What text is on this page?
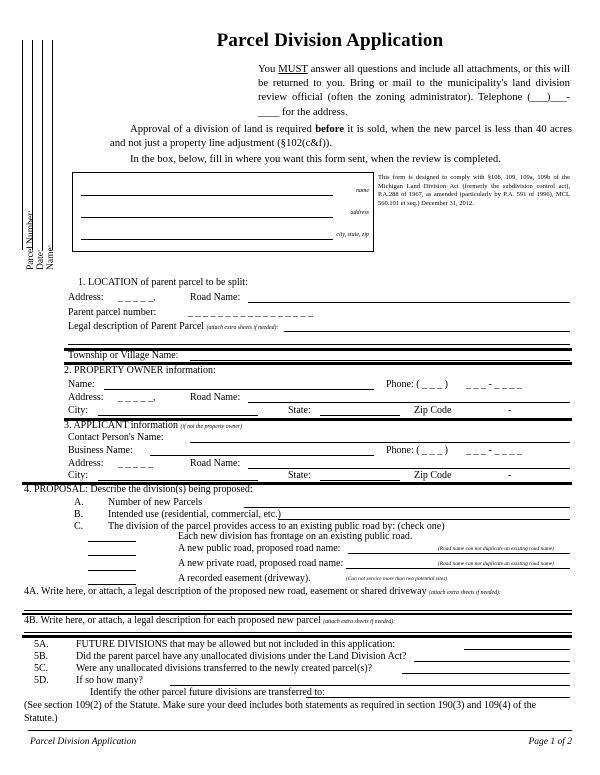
Parcel Number: Date: Name:
Parcel Division Application
You MUST answer all questions and include all attachments, or this will be returned to you. Bring or mail to the municipality's land division review official (often the zoning administrator). Telephone (___)___-____ for the address.
Approval of a division of land is required before it is sold, when the new parcel is less than 40 acres and not just a property line adjustment (§102(c&f)).
In the box, below, fill in where you want this form sent, when the review is completed.
name
address
city, state, zip
This form is designed to comply with §108, 109, 109a, 109b of the Michigan Land Division Act (formerly the subdivision control act), P.A.288 of 1967, as amended (particularly by P.A. 591 of 1996), MCL 560.101 et seq.) December 31, 2012.
1. LOCATION of parent parcel to be split:
Address: _ _ _ _ _,	Road Name:
Parent parcel number:	_ _ _ _ _ _ _ _ _ _ _ _ _ _ _ _ _
Legal description of Parent Parcel (attach extra sheets if needed):
Township or Village Name:
2. PROPERTY OWNER information:
Name:	Phone: ( _ _ _ ) _ _ _ - _ _ _ _
Address: _ _ _ _ _,	Road Name:
City:	State:	Zip Code	-
3. APPLICANT information (if not the property owner)
Contact Person's Name:
Business Name:	Phone: ( _ _ _ ) _ _ _ - _ _ _ _
Address: _ _ _ _ _	Road Name:
City:	State:	Zip Code	-
4. PROPOSAL: Describe the division(s) being proposed:
A. Number of new Parcels
B. Intended use (residential, commercial, etc.)
C. The division of the parcel provides access to an existing public road by: (check one)
Each new division has frontage on an existing public road.
A new public road, proposed road name:	(Road name can not duplicate an existing road name)
A new private road, proposed road name:	(Road name can not duplicate an existing road name)
A recorded easement (driveway).	(Can not service more than two potential sites)
4A. Write here, or attach, a legal description of the proposed new road, easement or shared driveway (attach extra sheets if needed):
4B. Write here, or attach, a legal description for each proposed new parcel (attach extra sheets if needed):
5A.	FUTURE DIVISIONS that may be allowed but not included in this application:
5B.	Did the parent parcel have any unallocated divisions under the Land Division Act?
5C.	Were any unallocated divisions transferred to the newly created parcel(s)?
5D.	If so how many?
Identify the other parcel future divisions are transferred to:
(See section 109(2) of the Statute. Make sure your deed includes both statements as required in section 190(3) and 109(4) of the Statute.)
Parcel Division Application	Page 1 of 2
